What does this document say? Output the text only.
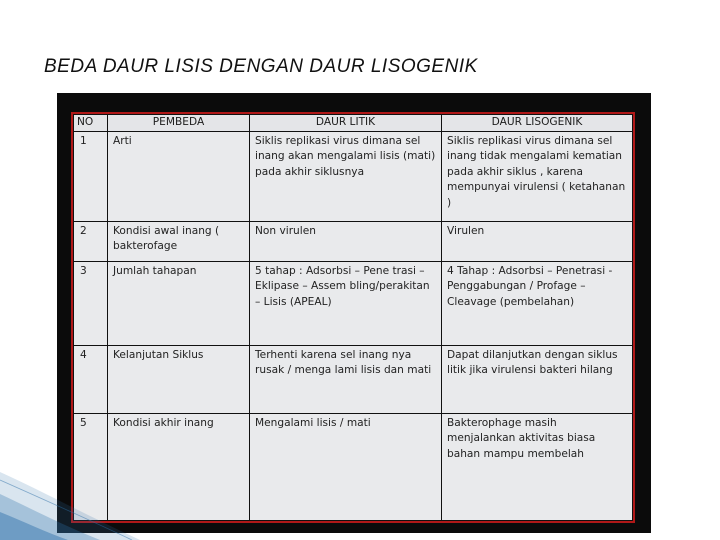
BEDA DAUR LISIS DENGAN DAUR LISOGENIK
NO	PEMBEDA	DAUR LITIK	DAUR LISOGENIK
1	Arti	Siklis replikasi virus dimana sel inang akan mengalami lisis (mati) pada akhir siklusnya	Siklis replikasi virus dimana sel inang tidak mengalami kematian pada akhir siklus , karena mempunyai virulensi ( ketahanan )
2	Kondisi awal inang ( bakterofage	Non virulen	Virulen
3	Jumlah tahapan	5 tahap : Adsorbsi – Pene trasi – Eklipase – Assem bling/perakitan – Lisis (APEAL)	4 Tahap : Adsorbsi – Penetrasi - Penggabungan / Profage – Cleavage (pembelahan)
4	Kelanjutan Siklus	Terhenti karena sel inang nya rusak / menga lami lisis dan mati	Dapat dilanjutkan dengan siklus litik jika virulensi bakteri hilang
5	Kondisi akhir inang	Mengalami lisis / mati	Bakterophage masih menjalankan aktivitas biasa bahan mampu membelah
